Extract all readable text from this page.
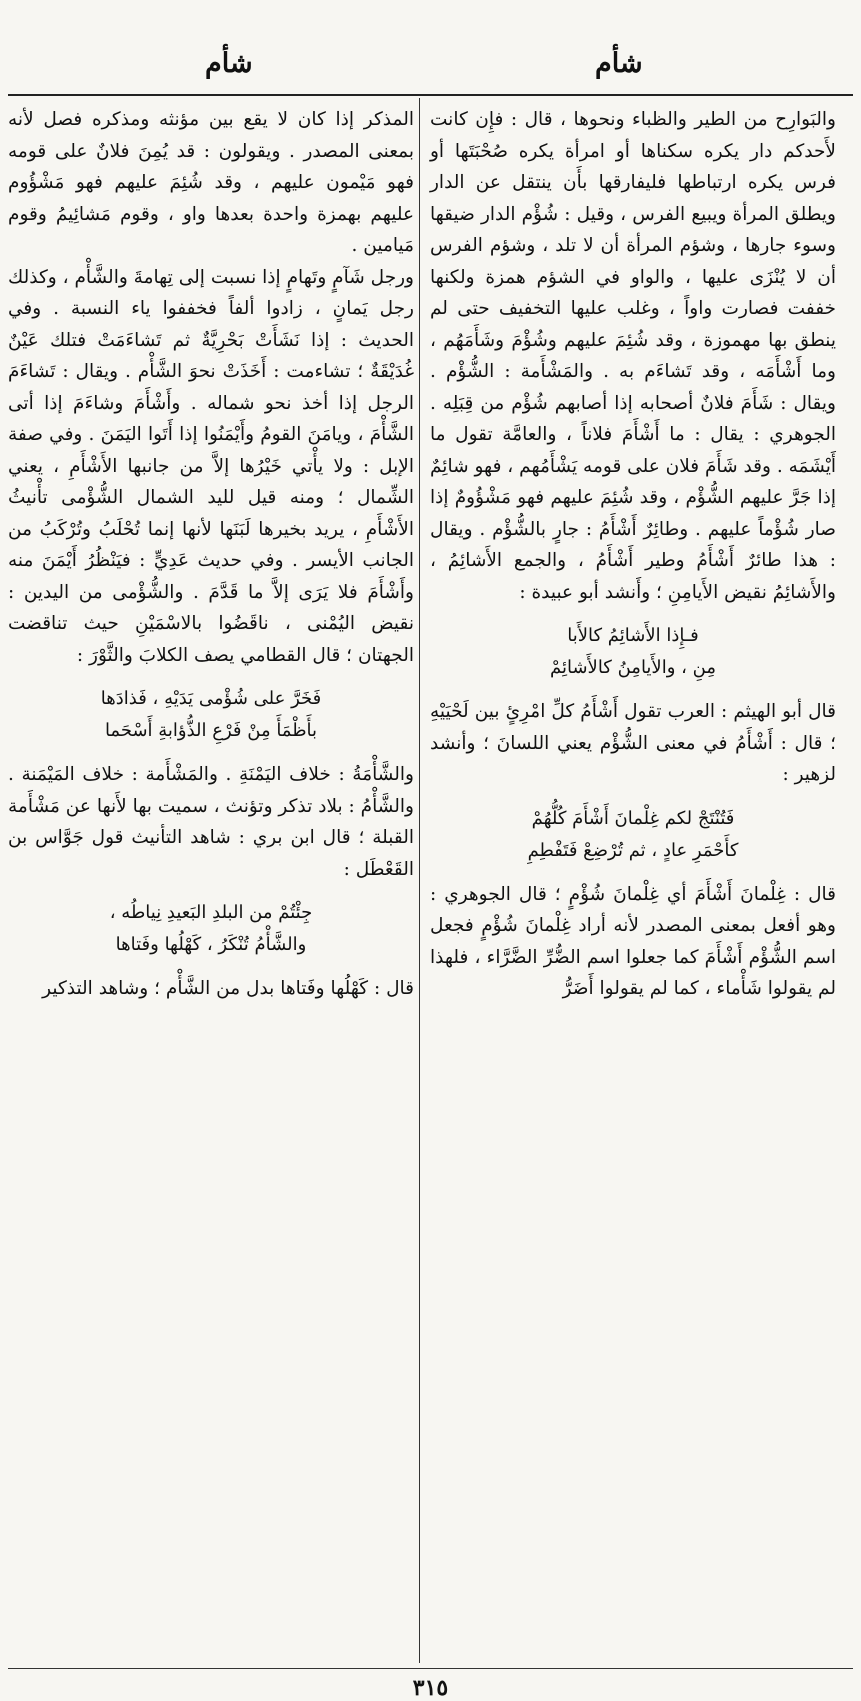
شأم	شأم

والبَوارِح من الطير والظباء ونحوها ، قال : فإِن كانت لأَحدكم دار يكره سكناها أو امرأة يكره صُحْبَتَها أو فرس يكره ارتباطها فليفارقها بأَن ينتقل عن الدار ويطلق المرأة ويبيع الفرس ، وقيل : شُؤْم الدار ضيقها وسوء جارها ، وشؤم المرأة أن لا تلد ، وشؤم الفرس أن لا يُنْزَى عليها ، والواو في الشؤم همزة ولكنها خففت فصارت واواً ، وغلب عليها التخفيف حتى لم ينطق بها مهموزة ، وقد شُئِمَ عليهم وشُؤْمَ وشَأَمَهُم ، وما أَشْأَمَه ، وقد تَشاءَم به . والمَشْأَمة : الشُّؤْم . ويقال : شَأَمَ فلانٌ أصحابه إذا أصابهم شُؤْم من قِبَلِه . الجوهري : يقال : ما أَشْأَمَ فلاناً ، والعامَّة تقول ما أَيْشَمَه . وقد شَأَمَ فلان على قومه يَشْأَمُهم ، فهو شائِمٌ إذا جَرَّ عليهم الشُّؤْم ، وقد شُئِمَ عليهم فهو مَشْؤُومٌ إذا صار شُؤْماً عليهم . وطائِرٌ أَشْأَمُ : جارٍ بالشُّؤْم . ويقال : هذا طائرٌ أَشْأَمُ وطير أَشْأَمُ ، والجمع الأَشائِمُ ، والأَشائِمُ نقيض الأَيامِنِ ؛ وأَنشد أبو عبيدة :

فـإِذا الأَشائِمُ كالأَبا
مِنِ ، والأَيامِنُ كالأَشائِمْ

قال أبو الهيثم : العرب تقول أَشْأَمُ كلِّ امْرِئٍ بين لَحْيَيْهِ ؛ قال : أَشْأَمُ في معنى الشُّؤْم يعني اللسانَ ؛ وأنشد لزهير :

فَتُنْتَجْ لكم غِلْمانَ أَشْأَمَ كُلُّهُمْ
كأَحْمَرِ عادٍ ، ثم تُرْضِعْ فَتَفْطِمِ

قال : غِلْمانَ أَشْأَمَ أي غِلْمانَ شُؤْمٍ ؛ قال الجوهري : وهو أفعل بمعنى المصدر لأنه أراد غِلْمانَ شُؤْمٍ فجعل اسم الشُّؤْم أَشْأَمَ كما جعلوا اسم الضُّرِّ الضَّرَّاء ، فلهذا لم يقولوا شَأْماء ، كما لم يقولوا أَضَرُّ

المذكر إذا كان لا يقع بين مؤنثه ومذكره فصل لأنه بمعنى المصدر . ويقولون : قد يُمِنَ فلانٌ على قومه فهو مَيْمون عليهم ، وقد شُئِمَ عليهم فهو مَشْؤُوم عليهم بهمزة واحدة بعدها واو ، وقوم مَشائِيمُ وقوم مَيامين .

ورجل شَآمٍ وتَهامٍ إذا نسبت إلى تِهامةَ والشَّأْم ، وكذلك رجل يَمانٍ ، زادوا ألفاً فخففوا ياء النسبة . وفي الحديث : إذا نَشَأَتْ بَحْرِيَّةٌ ثم تَشاءَمَتْ فتلك عَيْنٌ غُدَيْقَةٌ ؛ تشاءمت : أَخَذَتْ نحوَ الشَّأْم . ويقال : تَشاءَمَ الرجل إذا أخذ نحو شماله . وأَشْأَمَ وشاءَمَ إذا أتى الشَّأْمَ ، ويامَنَ القومُ وأَيْمَنُوا إذا أَتَوا اليَمَنَ . وفي صفة الإبل : ولا يأْتي خَيْرُها إلاَّ من جانبها الأَشْأَمِ ، يعني الشِّمال ؛ ومنه قيل لليد الشمال الشُّؤْمى تأْنيثُ الأَشْأَمِ ، يريد بخيرها لَبَنَها لأنها إنما تُحْلَبُ وتُرْكَبُ من الجانب الأيسر . وفي حديث عَدِيٍّ : فيَنْظُرُ أَيْمَنَ منه وأَشْأَمَ فلا يَرَى إلاَّ ما قَدَّمَ . والشُّؤْمى من اليدين : نقيض اليُمْنى ، ناقَضُوا بالاسْمَيْنِ حيث تناقضت الجهتان ؛ قال القطامي يصف الكلابَ والثَّوْرَ :

فَخَرَّ على شُؤْمى يَدَيْهِ ، فَذادَها
بأَظْمَأَ مِنْ فَرْعِ الذُّؤابةِ أَسْحَما

والشَّأْمَةُ : خلاف اليَمْنَةِ . والمَشْأَمة : خلاف المَيْمَنة . والشَّأْمُ : بلاد تذكر وتؤنث ، سميت بها لأَنها عن مَشْأَمة القبلة ؛ قال ابن بري : شاهد التأنيث قول جَوَّاس بن القَعْطَل :

جِئْتُمْ من البلدِ البَعيدِ نِياطُه ،
والشَّأْمُ تُنْكَرُ ، كَهْلُها وفَتاها

قال : كَهْلُها وفَتاها بدل من الشَّأْم ؛ وشاهد التذكير

٣١٥
